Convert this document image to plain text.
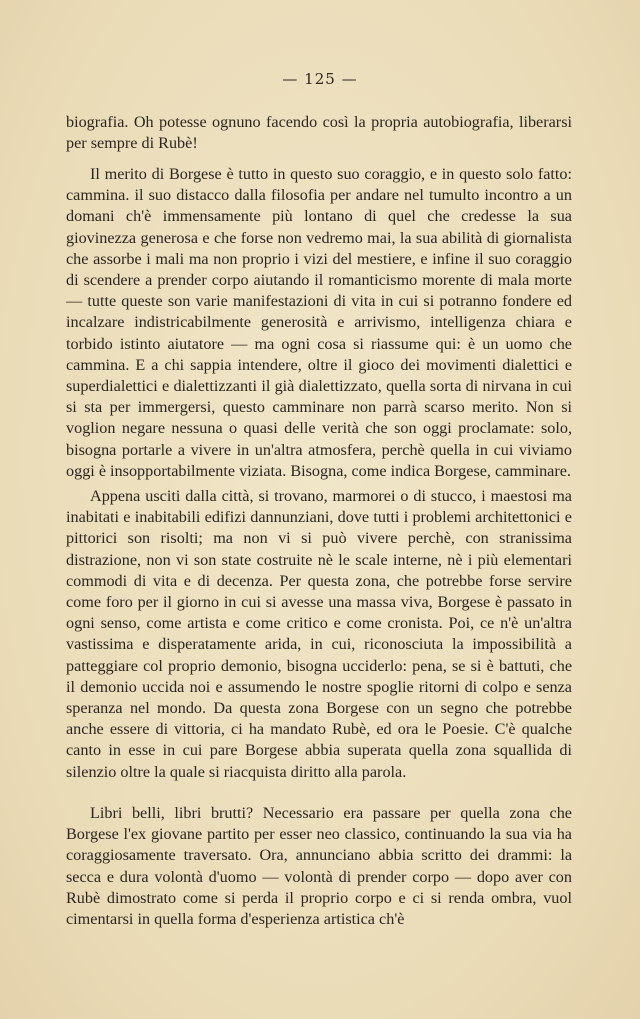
— 125 —

biografia. Oh potesse ognuno facendo così la propria autobiografia, liberarsi per sempre di Rubè!

Il merito di Borgese è tutto in questo suo coraggio, e in questo solo fatto: cammina. il suo distacco dalla filosofia per andare nel tumulto incontro a un domani ch'è immensamente più lontano di quel che credesse la sua giovinezza generosa e che forse non vedremo mai, la sua abilità di giornalista che assorbe i mali ma non proprio i vizi del mestiere, e infine il suo coraggio di scendere a prender corpo aiutando il romanticismo morente di mala morte — tutte queste son varie manifestazioni di vita in cui si potranno fondere ed incalzare indistricabilmente generosità e arrivismo, intelligenza chiara e torbido istinto aiutatore — ma ogni cosa si riassume qui: è un uomo che cammina. E a chi sappia intendere, oltre il gioco dei movimenti dialettici e superdialettici e dialettizzanti il già dialettizzato, quella sorta di nirvana in cui si sta per immergersi, questo camminare non parrà scarso merito. Non si voglion negare nessuna o quasi delle verità che son oggi proclamate: solo, bisogna portarle a vivere in un'altra atmosfera, perchè quella in cui viviamo oggi è insopportabilmente viziata. Bisogna, come indica Borgese, camminare.

Appena usciti dalla città, si trovano, marmorei o di stucco, i maestosi ma inabitati e inabitabili edifizi dannunziani, dove tutti i problemi architettonici e pittorici son risolti; ma non vi si può vivere perchè, con stranissima distrazione, non vi son state costruite nè le scale interne, nè i più elementari commodi di vita e di decenza. Per questa zona, che potrebbe forse servire come foro per il giorno in cui si avesse una massa viva, Borgese è passato in ogni senso, come artista e come critico e come cronista. Poi, ce n'è un'altra vastissima e disperatamente arida, in cui, riconosciuta la impossibilità a patteggiare col proprio demonio, bisogna ucciderlo: pena, se si è battuti, che il demonio uccida noi e assumendo le nostre spoglie ritorni di colpo e senza speranza nel mondo. Da questa zona Borgese con un segno che potrebbe anche essere di vittoria, ci ha mandato Rubè, ed ora le Poesie. C'è qualche canto in esse in cui pare Borgese abbia superata quella zona squallida di silenzio oltre la quale si riacquista diritto alla parola.

Libri belli, libri brutti? Necessario era passare per quella zona che Borgese l'ex giovane partito per esser neo classico, continuando la sua via ha coraggiosamente traversato. Ora, annunciano abbia scritto dei drammi: la secca e dura volontà d'uomo — volontà di prender corpo — dopo aver con Rubè dimostrato come si perda il proprio corpo e ci si renda ombra, vuol cimentarsi in quella forma d'esperienza artistica ch'è
